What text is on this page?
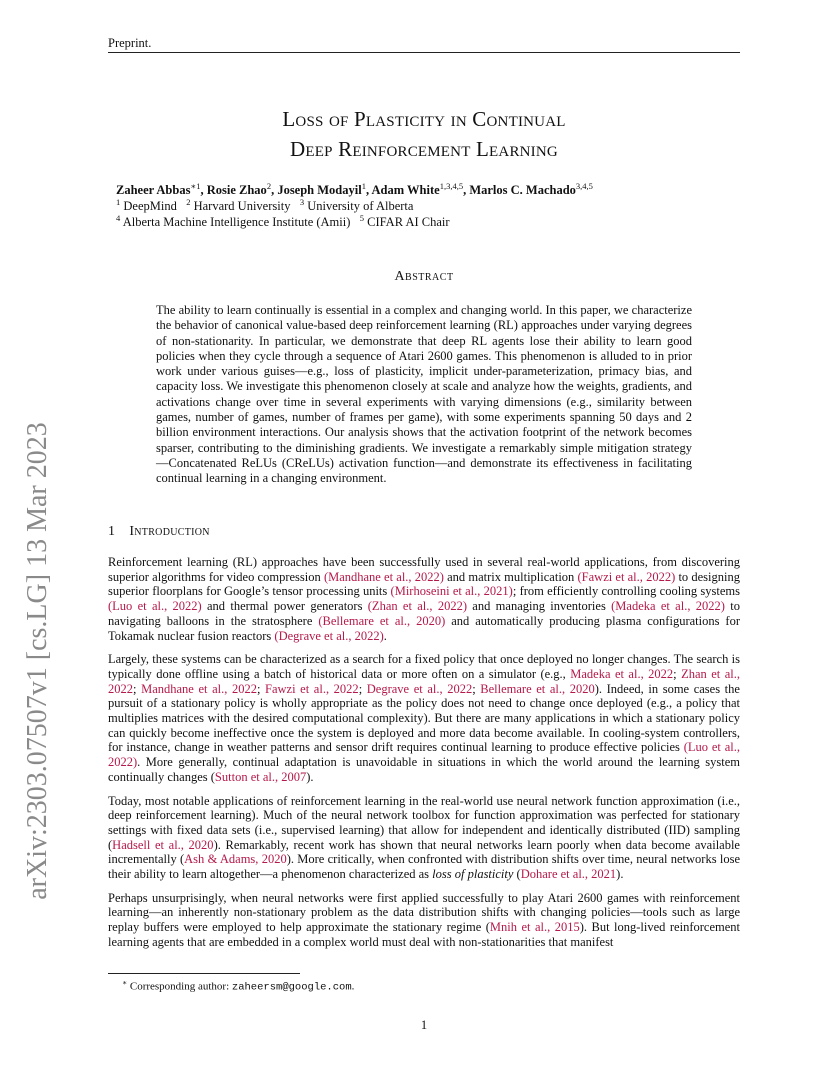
Preprint.
arXiv:2303.07507v1 [cs.LG] 13 Mar 2023
Loss of Plasticity in Continual
Deep Reinforcement Learning
Zaheer Abbas$^{∗1}$, Rosie Zhao$^2$, Joseph Modayil$^1$, Adam White$^{1,3,4,5}$, Marlos C. Machado$^{3,4,5}$
$^1$ DeepMind $^2$ Harvard University $^3$ University of Alberta
$^4$ Alberta Machine Intelligence Institute (Amii) $^5$ CIFAR AI Chair
Abstract
The ability to learn continually is essential in a complex and changing world. In this paper, we characterize the behavior of canonical value-based deep reinforcement learning (RL) approaches under varying degrees of non-stationarity. In particular, we demonstrate that deep RL agents lose their ability to learn good policies when they cycle through a sequence of Atari 2600 games. This phenomenon is alluded to in prior work under various guises—e.g., loss of plasticity, implicit under-parameterization, primacy bias, and capacity loss. We investigate this phenomenon closely at scale and analyze how the weights, gradients, and activations change over time in several experiments with varying dimensions (e.g., similarity between games, number of games, number of frames per game), with some experiments spanning 50 days and 2 billion environment interactions. Our analysis shows that the activation footprint of the network becomes sparser, contributing to the diminishing gradients. We investigate a remarkably simple mitigation strategy—Concatenated ReLUs (CReLUs) activation function—and demonstrate its effectiveness in facilitating continual learning in a changing environment.
1 Introduction

Reinforcement learning (RL) approaches have been successfully used in several real-world applications, from discovering superior algorithms for video compression (Mandhane et al., 2022) and matrix multiplication (Fawzi et al., 2022) to designing superior floorplans for Google’s tensor processing units (Mirhoseini et al., 2021); from efficiently controlling cooling systems (Luo et al., 2022) and thermal power generators (Zhan et al., 2022) and managing inventories (Madeka et al., 2022) to navigating balloons in the stratosphere (Bellemare et al., 2020) and automatically producing plasma configurations for Tokamak nuclear fusion reactors (Degrave et al., 2022).

Largely, these systems can be characterized as a search for a fixed policy that once deployed no longer changes. The search is typically done offline using a batch of historical data or more often on a simulator (e.g., Madeka et al., 2022; Zhan et al., 2022; Mandhane et al., 2022; Fawzi et al., 2022; Degrave et al., 2022; Bellemare et al., 2020). Indeed, in some cases the pursuit of a stationary policy is wholly appropriate as the policy does not need to change once deployed (e.g., a policy that multiplies matrices with the desired computational complexity). But there are many applications in which a stationary policy can quickly become ineffective once the system is deployed and more data become available. In cooling-system controllers, for instance, change in weather patterns and sensor drift requires continual learning to produce effective policies (Luo et al., 2022). More generally, continual adaptation is unavoidable in situations in which the world around the learning system continually changes (Sutton et al., 2007).

Today, most notable applications of reinforcement learning in the real-world use neural network function approximation (i.e., deep reinforcement learning). Much of the neural network toolbox for function approximation was perfected for stationary settings with fixed data sets (i.e., supervised learning) that allow for independent and identically distributed (IID) sampling (Hadsell et al., 2020). Remarkably, recent work has shown that neural networks learn poorly when data become available incrementally (Ash & Adams, 2020). More critically, when confronted with distribution shifts over time, neural networks lose their ability to learn altogether—a phenomenon characterized as loss of plasticity (Dohare et al., 2021).

Perhaps unsurprisingly, when neural networks were first applied successfully to play Atari 2600 games with reinforcement learning—an inherently non-stationary problem as the data distribution shifts with changing policies—tools such as large replay buffers were employed to help approximate the stationary regime (Mnih et al., 2015). But long-lived reinforcement learning agents that are embedded in a complex world must deal with non-stationarities that manifest

∗ Corresponding author: zaheersm@google.com.
1
